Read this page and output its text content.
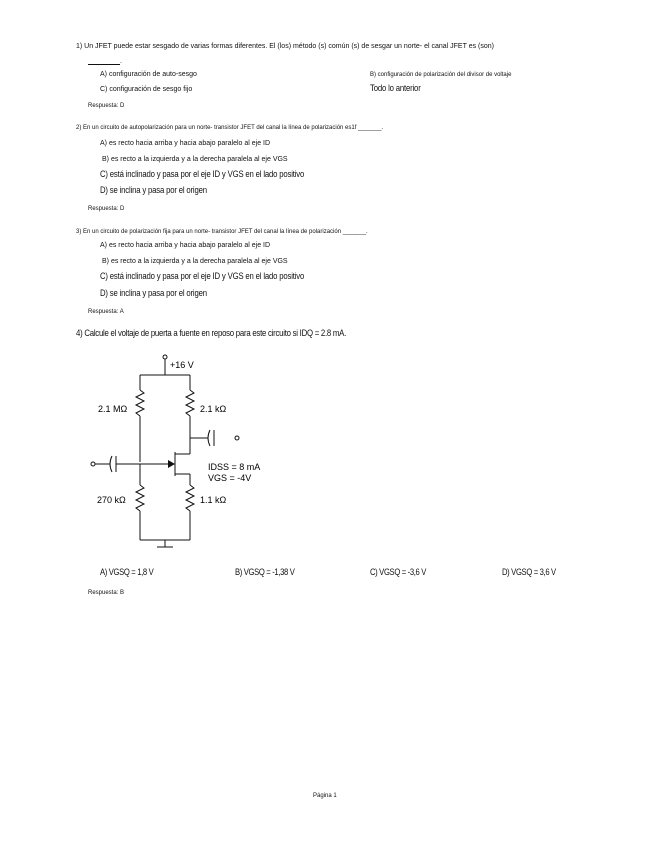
1) Un JFET puede estar sesgado de varias formas diferentes. El (los) método (s) común (s) de sesgar un norte- el canal JFET es (son)
.
A) configuración de auto-sesgo	B) configuración de polarización del divisor de voltaje
C) configuración de sesgo fijo	Todo lo anterior
Respuesta: D
2) En un circuito de autopolarización para un norte- transistor JFET del canal la línea de polarización es1f _______.
A) es recto hacia arriba y hacia abajo paralelo al eje ID
B) es recto a la izquierda y a la derecha paralela al eje VGS
C) está inclinado y pasa por el eje ID y VGS en el lado positivo
D) se inclina y pasa por el origen
Respuesta: D
3) En un circuito de polarización fija para un norte- transistor JFET del canal la línea de polarización _______.
A) es recto hacia arriba y hacia abajo paralelo al eje ID
B) es recto a la izquierda y a la derecha paralela al eje VGS
C) está inclinado y pasa por el eje ID y VGS en el lado positivo
D) se inclina y pasa por el origen
Respuesta: A
4) Calcule el voltaje de puerta a fuente en reposo para este circuito si IDQ = 2.8 mA.
+16 V
2.1 MΩ	2.1 kΩ
270 kΩ	1.1 kΩ
IDSS = 8 mA
VGS = -4V
A) VGSQ = 1,8 V	B) VGSQ = -1,38 V	C) VGSQ = -3,6 V	D) VGSQ = 3,6 V
Respuesta: B
Página 1
